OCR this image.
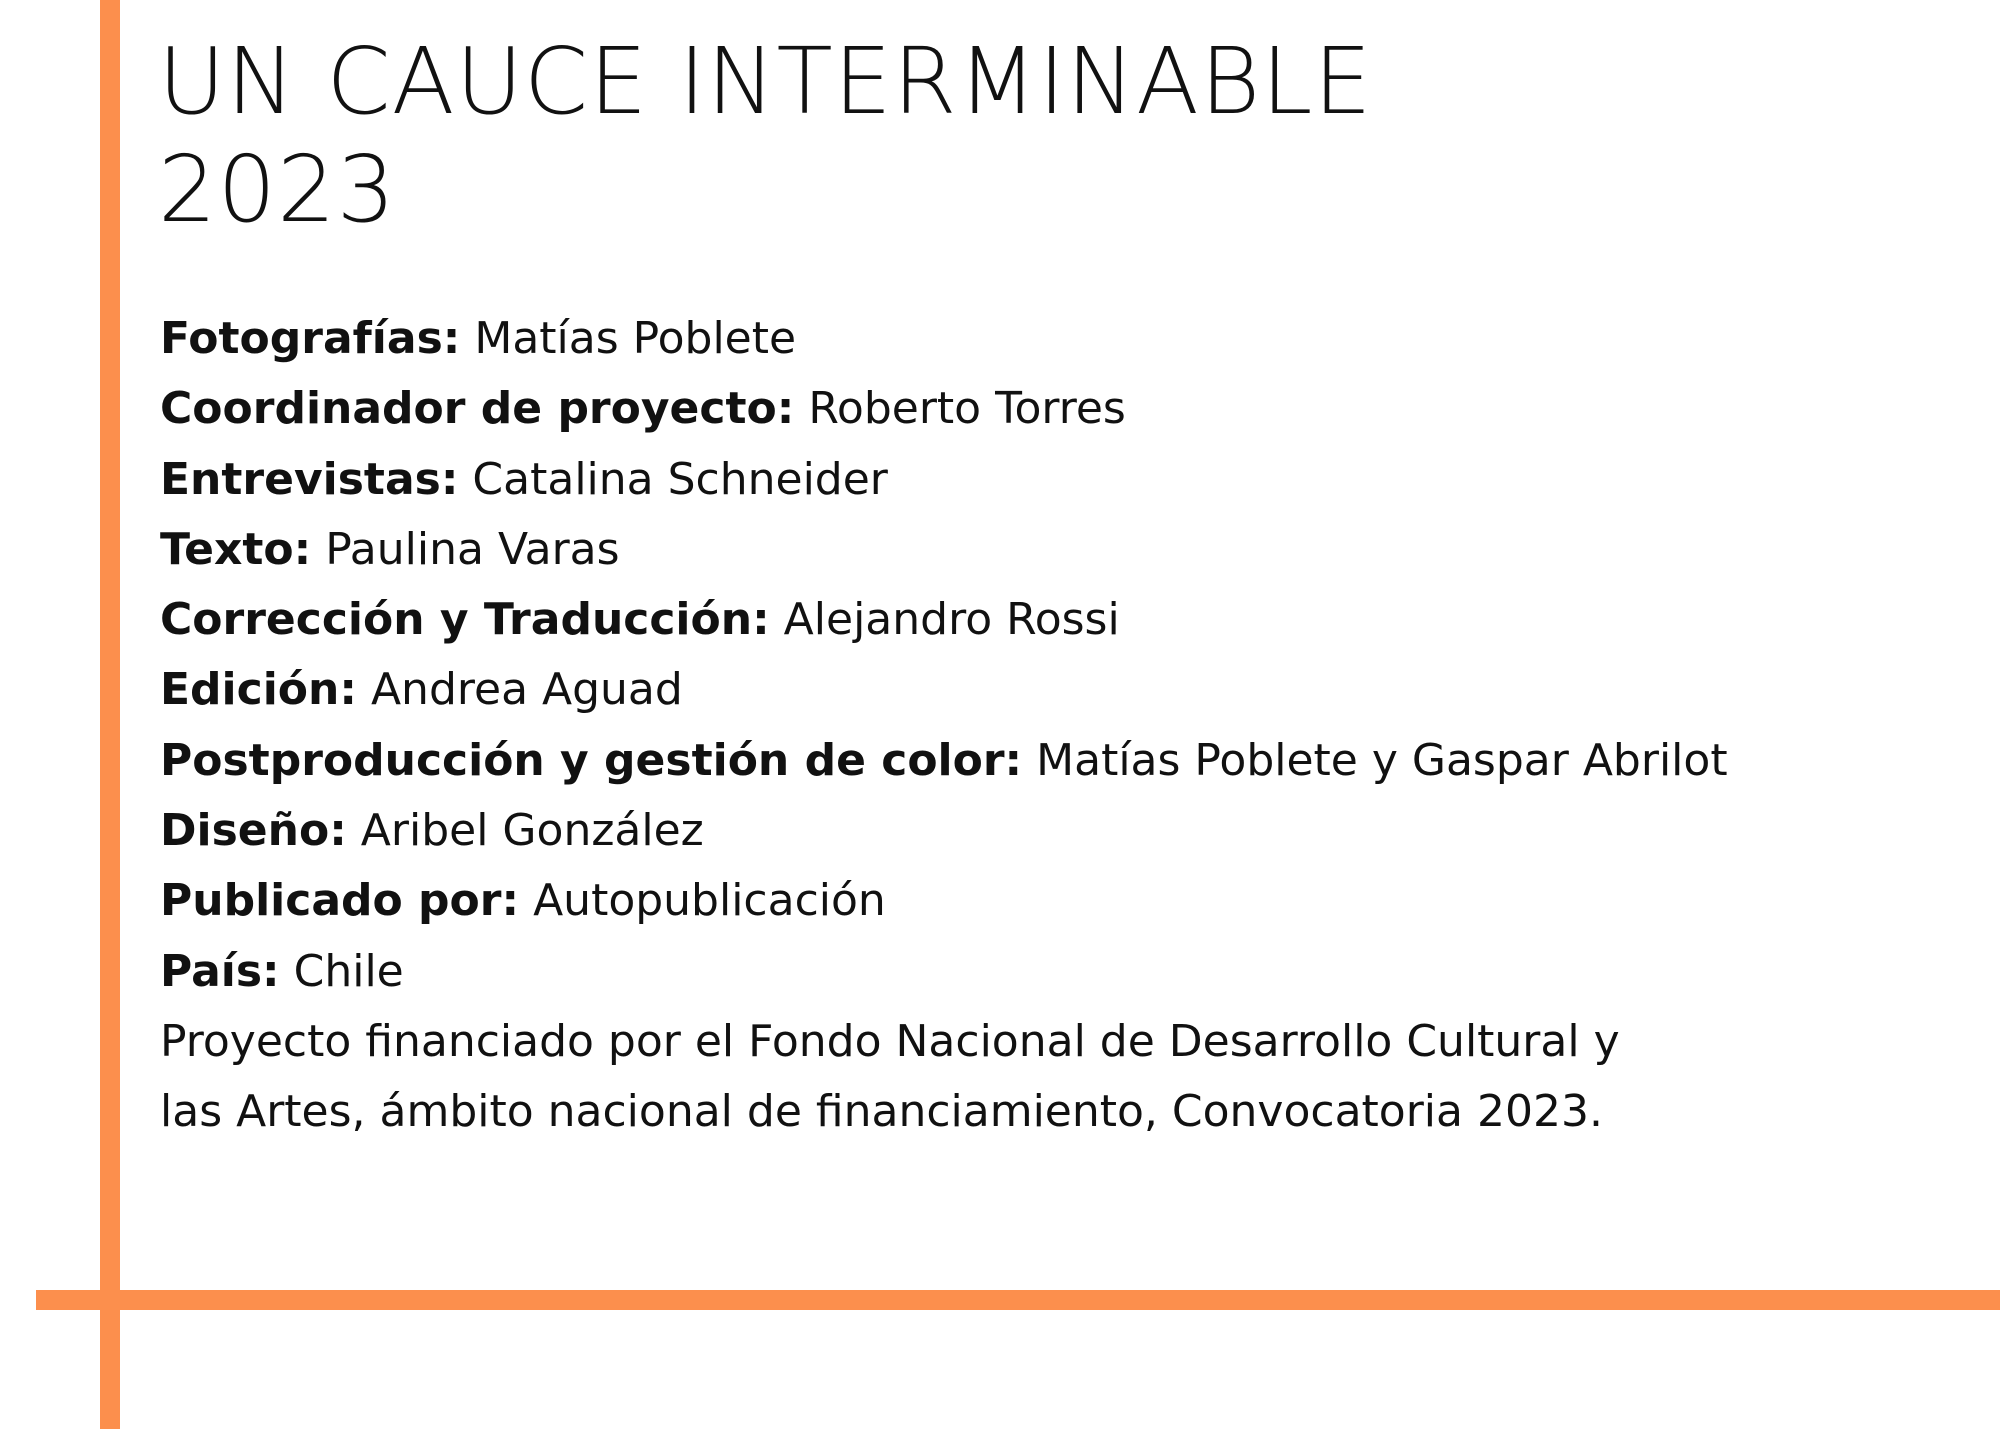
UN CAUCE INTERMINABLE
2023
Fotografías: Matías Poblete
Coordinador de proyecto: Roberto Torres
Entrevistas: Catalina Schneider
Texto: Paulina Varas
Corrección y Traducción: Alejandro Rossi
Edición: Andrea Aguad
Postproducción y gestión de color: Matías Poblete y Gaspar Abrilot
Diseño: Aribel González
Publicado por: Autopublicación
País: Chile

Proyecto financiado por el Fondo Nacional de Desarrollo Cultural y
las Artes, ámbito nacional de financiamiento, Convocatoria 2023.
